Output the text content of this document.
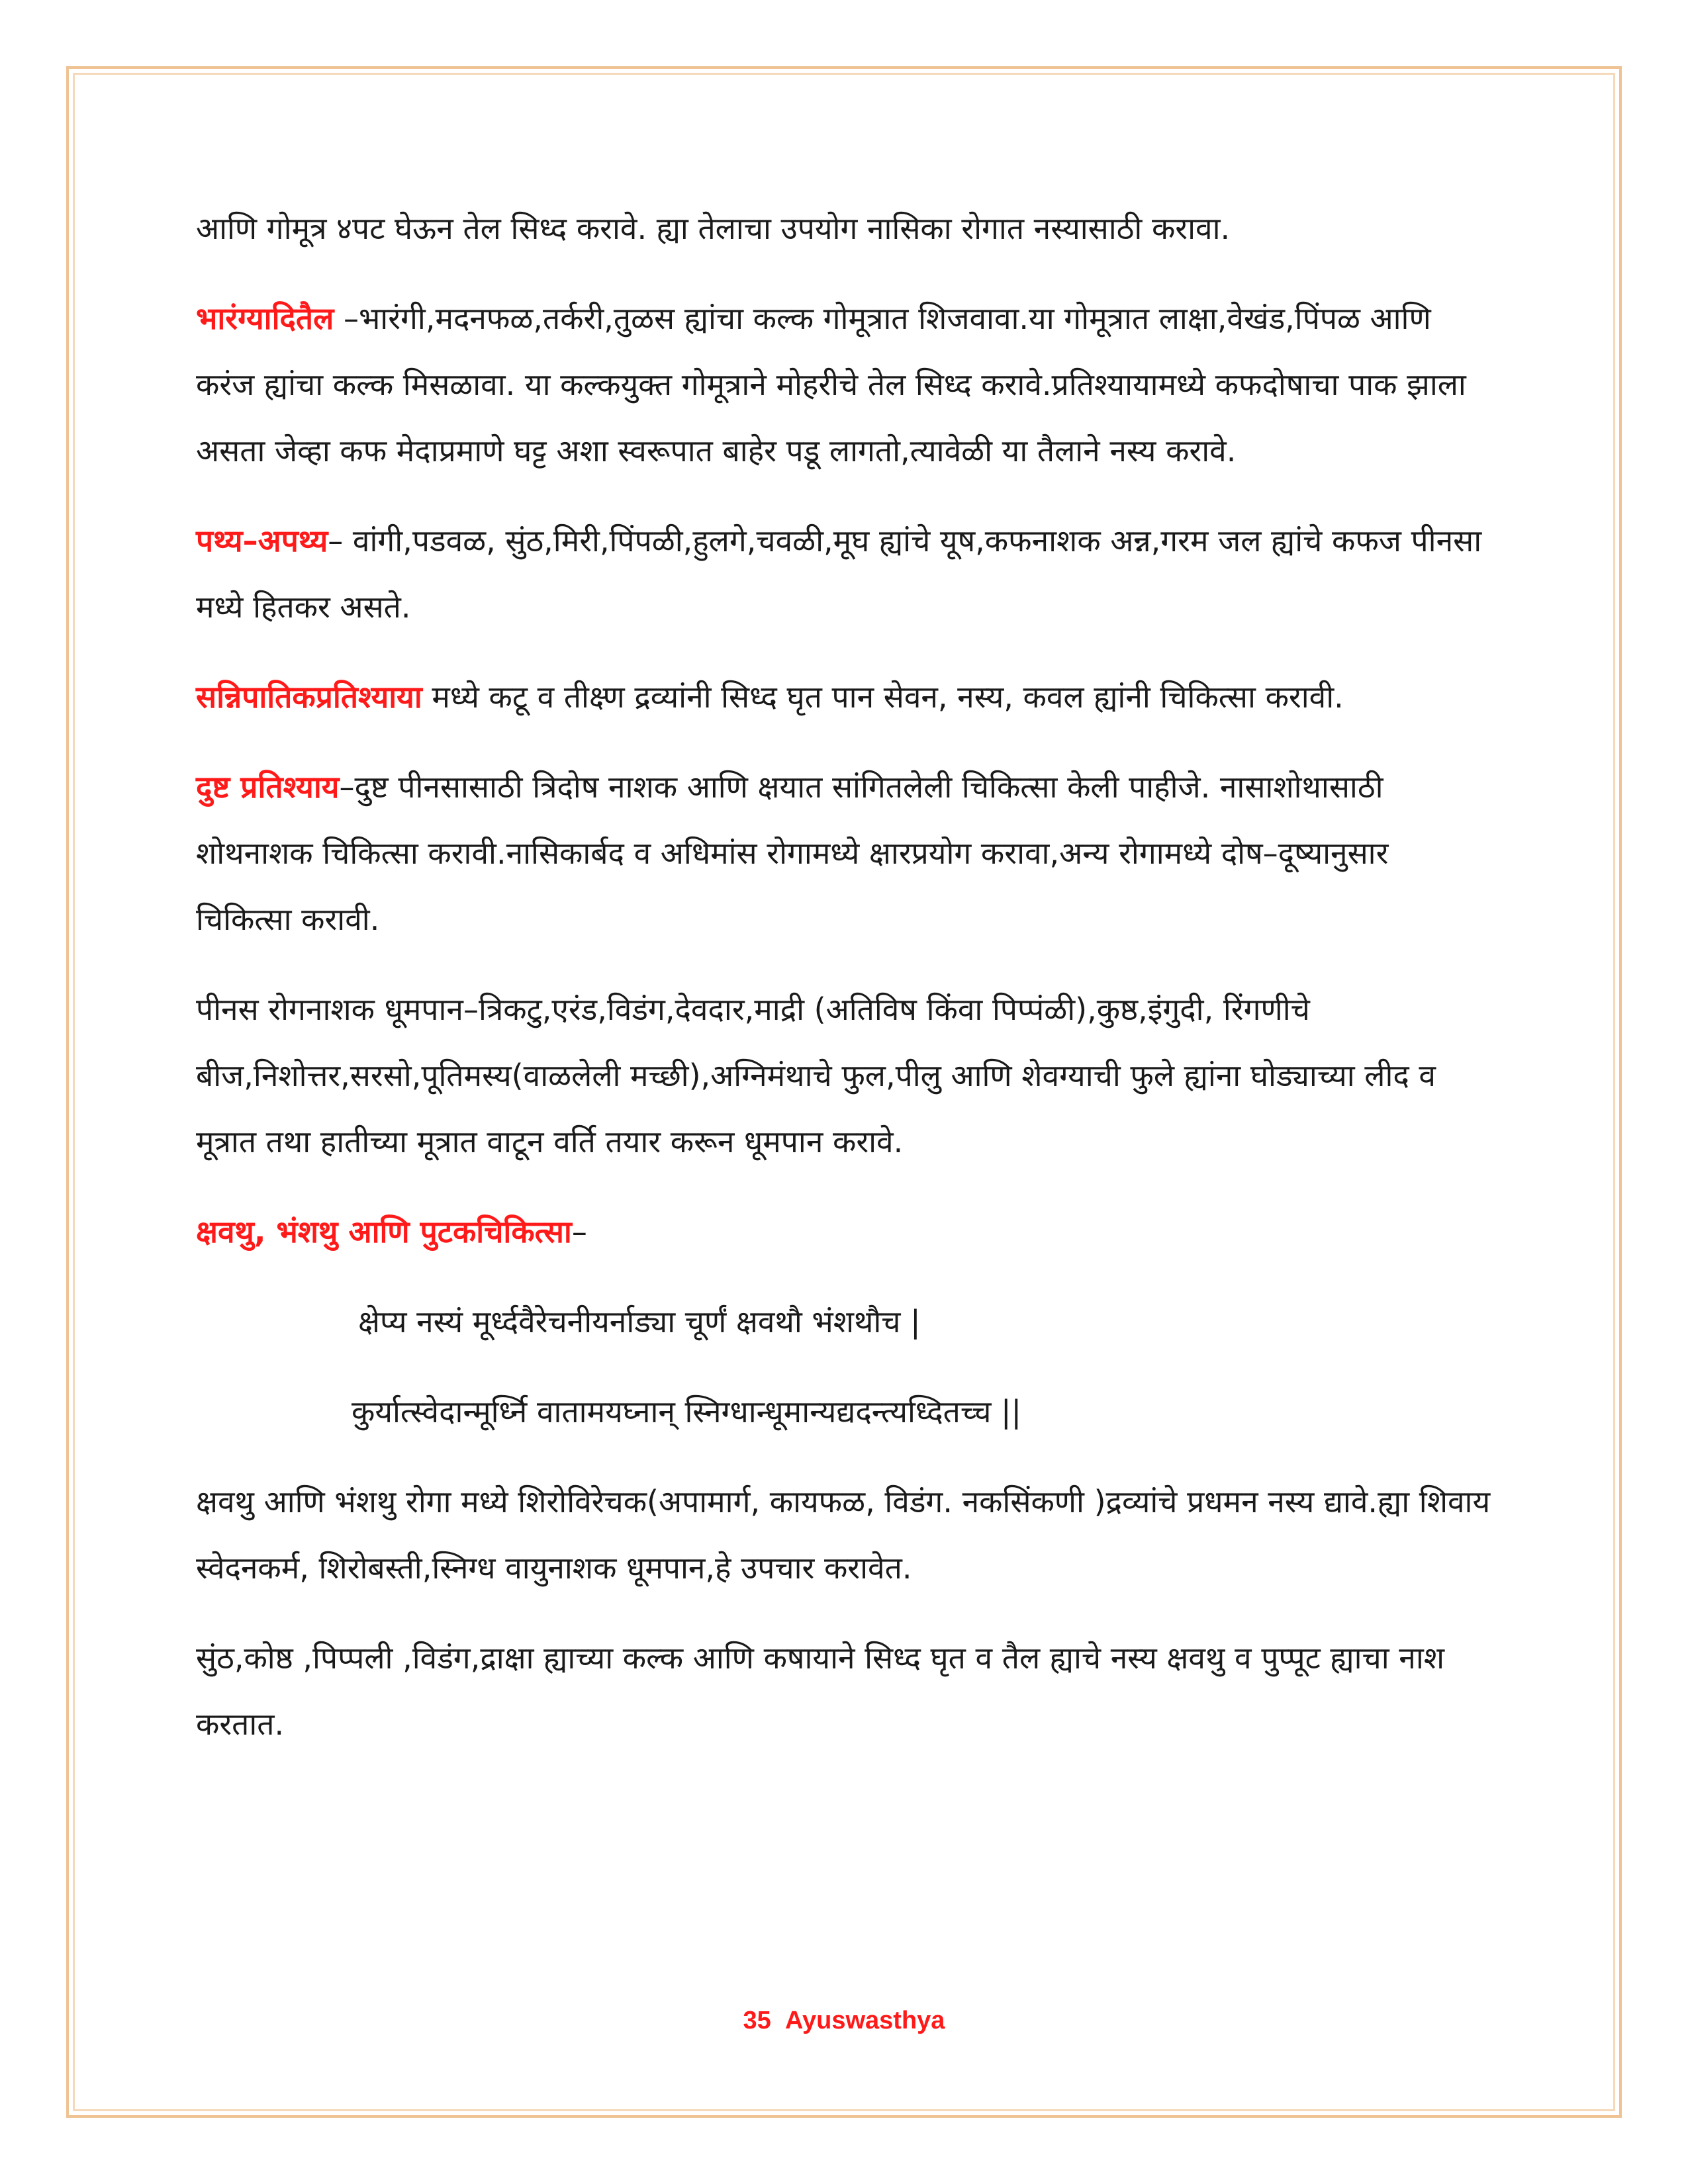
आणि गोमूत्र ४पट घेऊन तेल सिध्द करावे. ह्या तेलाचा उपयोग नासिका रोगात नस्यासाठी करावा.

भारंग्यादितैल –भारंगी,मदनफळ,तर्करी,तुळस ह्यांचा कल्क गोमूत्रात शिजवावा.या गोमूत्रात लाक्षा,वेखंड,पिंपळ आणि करंज ह्यांचा कल्क मिसळावा. या कल्कयुक्त गोमूत्राने मोहरीचे तेल सिध्द करावे.प्रतिश्यायामध्ये कफदोषाचा पाक झाला असता जेव्हा कफ मेदाप्रमाणे घट्ट अशा स्वरूपात बाहेर पडू लागतो,त्यावेळी या तैलाने नस्य करावे.

पथ्य–अपथ्य– वांगी,पडवळ, सुंठ,मिरी,पिंपळी,हुलगे,चवळी,मूघ ह्यांचे यूष,कफनाशक अन्न,गरम जल ह्यांचे कफज पीनसा मध्ये हितकर असते.

सन्निपातिकप्रतिश्याया मध्ये कटू व तीक्ष्ण द्रव्यांनी सिध्द घृत पान सेवन, नस्य, कवल ह्यांनी चिकित्सा करावी.

दुष्ट प्रतिश्याय–दुष्ट पीनसासाठी त्रिदोष नाशक आणि क्षयात सांगितलेली चिकित्सा केली पाहीजे. नासाशोथासाठी शोथनाशक चिकित्सा करावी.नासिकार्बद व अधिमांस रोगामध्ये क्षारप्रयोग करावा,अन्य रोगामध्ये दोष–दूष्यानुसार चिकित्सा करावी.

पीनस रोगनाशक धूमपान–त्रिकटु,एरंड,विडंग,देवदार,माद्री (अतिविष किंवा पिप्पंळी),कुष्ठ,इंगुदी, रिंगणीचे बीज,निशोत्तर,सरसो,पूतिमस्य(वाळलेली मच्छी),अग्निमंथाचे फुल,पीलु आणि शेवग्याची फुले ह्यांना घोड्याच्या लीद व मूत्रात तथा हातीच्या मूत्रात वाटून वर्ति तयार करून धूमपान करावे.

क्षवथु, भंशथु आणि पुटकचिकित्सा–

क्षेप्य नस्यं मूर्ध्दवैरेचनीयर्नाड्या चूर्णं क्षवथौ भंशथौच |

कुर्यात्स्वेदान्मूर्ध्नि वातामयघ्नान् स्निग्धान्धूमान्यद्यदन्त्यध्दितच्च ||

क्षवथु आणि भंशथु रोगा मध्ये शिरोविरेचक(अपामार्ग, कायफळ, विडंग. नकसिंकणी )द्रव्यांचे प्रधमन नस्य द्यावे.ह्या शिवाय स्वेदनकर्म, शिरोबस्ती,स्निग्ध वायुनाशक धूमपान,हे उपचार करावेत.

सुंठ,कोष्ठ ,पिप्पली ,विडंग,द्राक्षा ह्याच्या कल्क आणि कषायाने सिध्द घृत व तैल ह्याचे नस्य क्षवथु व पुप्पूट ह्याचा नाश करतात.

35 Ayuswasthya
